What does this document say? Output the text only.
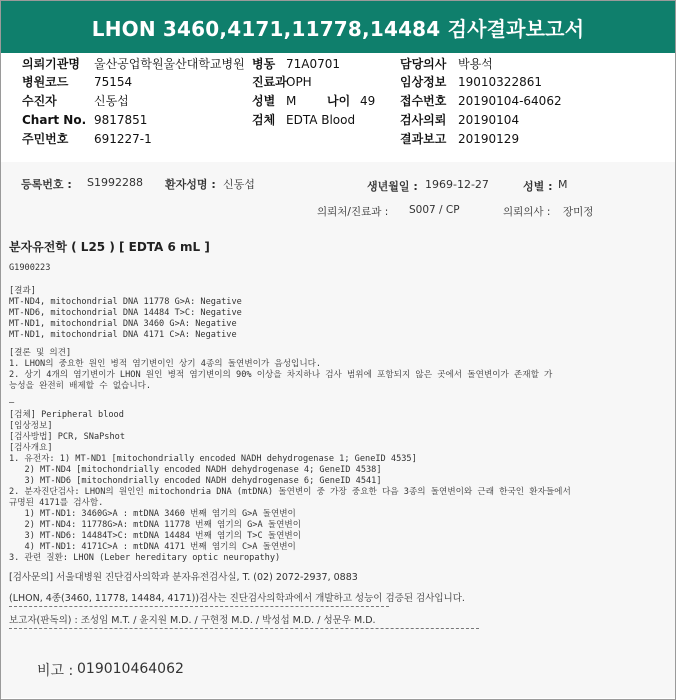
LHON 3460,4171,11778,14484 검사결과보고서
의뢰기관명 울산공업학원울산대학교병원 병동 71A0701	담당의사 박용석
병원코드 75154	진료과 OPH	임상정보 19010322861
수진자	신동섭	성별 M	나이 49 접수번호 20190104-64062
Chart No. 9817851	검체 EDTA Blood	검사의뢰 20190104
주민번호 691227-1	결과보고 20190129
등록번호 : S1992288 환자성명 : 신동섭	생년월일 : 1969-12-27	성별 : M
의뢰처/진료과 : S007 / CP	의뢰의사 : 장미정
분자유전학 ( L25 ) [ EDTA 6 mL ]
G1900223
[결과]
MT-ND4, mitochondrial DNA 11778 G>A: Negative
MT-ND6, mitochondrial DNA 14484 T>C: Negative
MT-ND1, mitochondrial DNA 3460 G>A: Negative
MT-ND1, mitochondrial DNA 4171 C>A: Negative
[결론 및 의견]
1. LHON의 중요한 원인 병적 염기변이인 상기 4종의 돌연변이가 음성입니다.
2. 상기 4개의 염기변이가 LHON 원인 병적 염기변이의 90% 이상을 차지하나 검사 범위에 포함되지 않은 곳에서 돌연변이가 존재할 가
능성을 완전히 배제할 수 없습니다.
—
[검체] Peripheral blood
[임상정보]
[검사방법] PCR, SNaPshot
[검사개요]
1. 유전자: 1) MT-ND1 [mitochondrially encoded NADH dehydrogenase 1; GeneID 4535]
2) MT-ND4 [mitochondrially encoded NADH dehydrogenase 4; GeneID 4538]
3) MT-ND6 [mitochondrially encoded NADH dehydrogenase 6; GeneID 4541]
2. 분자진단검사: LHON의 원인인 mitochondria DNA (mtDNA) 돌연변이 중 가장 중요한 다음 3종의 돌연변이와 근래 한국인 환자들에서
규명된 4171를 검사함.
1) MT-ND1: 3460G>A : mtDNA 3460 번째 염기의 G>A 돌연변이
2) MT-ND4: 11778G>A: mtDNA 11778 번째 염기의 G>A 돌연변이
3) MT-ND6: 14484T>C: mtDNA 14484 번째 염기의 T>C 돌연변이
4) MT-ND1: 4171C>A : mtDNA 4171 번째 염기의 C>A 돌연변이
3. 관련 질환: LHON (Leber hereditary optic neuropathy)
[검사문의] 서울대병원 진단검사의학과 분자유전검사실, T. (02) 2072-2937, 0883
(LHON, 4종(3460, 11778, 14484, 4171))검사는 진단검사의학과에서 개발하고 성능이 검증된 검사입니다.
보고자(판독의) : 조성임 M.T. / 윤지원 M.D. / 구현정 M.D. / 박성섭 M.D. / 성문우 M.D.
비고 : 019010464062
